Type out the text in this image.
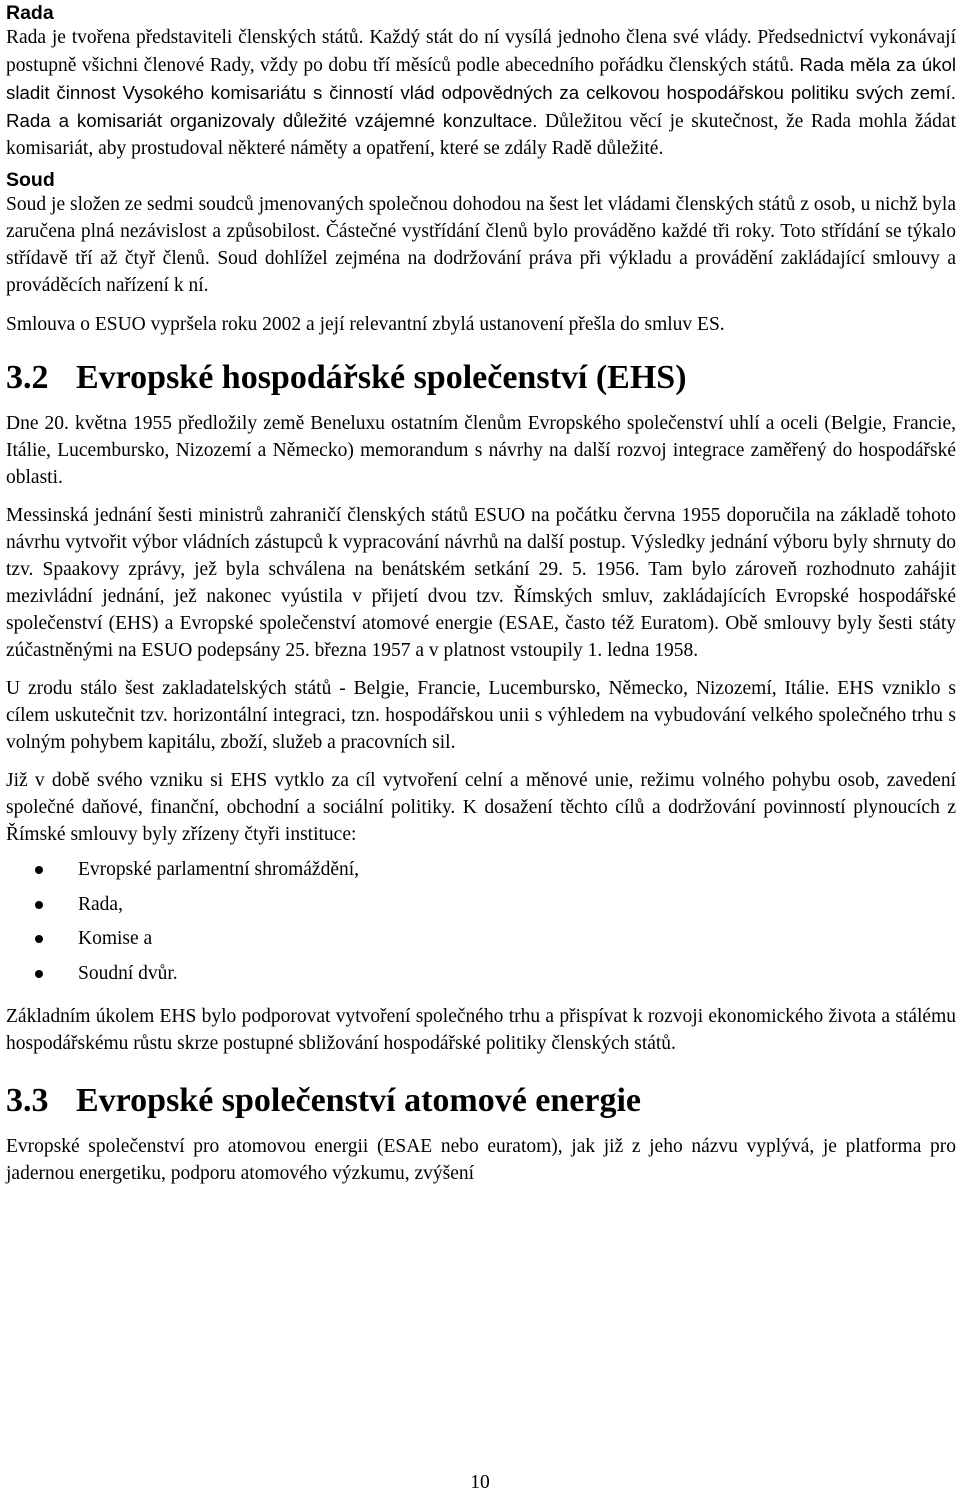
Rada

Rada je tvořena představiteli členských států. Každý stát do ní vysílá jednoho člena své vlády. Předsednictví vykonávají postupně všichni členové Rady, vždy po dobu tří měsíců podle abecedního pořádku členských států. Rada měla za úkol sladit činnost Vysokého komisariátu s činností vlád odpovědných za celkovou hospodářskou politiku svých zemí. Rada a komisariát organizovaly důležité vzájemné konzultace. Důležitou věcí je skutečnost, že Rada mohla žádat komisariát, aby prostudoval některé náměty a opatření, které se zdály Radě důležité.

Soud

Soud je složen ze sedmi soudců jmenovaných společnou dohodou na šest let vládami členských států z osob, u nichž byla zaručena plná nezávislost a způsobilost. Částečné vystřídání členů bylo prováděno každé tři roky. Toto střídání se týkalo střídavě tří až čtyř členů. Soud dohlížel zejména na dodržování práva při výkladu a provádění zakládající smlouvy a prováděcích nařízení k ní.

Smlouva o ESUO vypršela roku 2002 a její relevantní zbylá ustanovení přešla do smluv ES.

3.2 Evropské hospodářské společenství (EHS)

Dne 20. května 1955 předložily země Beneluxu ostatním členům Evropského společenství uhlí a oceli (Belgie, Francie, Itálie, Lucembursko, Nizozemí a Německo) memorandum s návrhy na další rozvoj integrace zaměřený do hospodářské oblasti.

Messinská jednání šesti ministrů zahraničí členských států ESUO na počátku června 1955 doporučila na základě tohoto návrhu vytvořit výbor vládních zástupců k vypracování návrhů na další postup. Výsledky jednání výboru byly shrnuty do tzv. Spaakovy zprávy, jež byla schválena na benátském setkání 29. 5. 1956. Tam bylo zároveň rozhodnuto zahájit mezivládní jednání, jež nakonec vyústila v přijetí dvou tzv. Římských smluv, zakládajících Evropské hospodářské společenství (EHS) a Evropské společenství atomové energie (ESAE, často též Euratom). Obě smlouvy byly šesti státy zúčastněnými na ESUO podepsány 25. března 1957 a v platnost vstoupily 1. ledna 1958.

U zrodu stálo šest zakladatelských států - Belgie, Francie, Lucembursko, Německo, Nizozemí, Itálie. EHS vzniklo s cílem uskutečnit tzv. horizontální integraci, tzn. hospodářskou unii s výhledem na vybudování velkého společného trhu s volným pohybem kapitálu, zboží, služeb a pracovních sil.

Již v době svého vzniku si EHS vytklo za cíl vytvoření celní a měnové unie, režimu volného pohybu osob, zavedení společné daňové, finanční, obchodní a sociální politiky. K dosažení těchto cílů a dodržování povinností plynoucích z Římské smlouvy byly zřízeny čtyři instituce:

Evropské parlamentní shromáždění,
Rada,
Komise a
Soudní dvůr.

Základním úkolem EHS bylo podporovat vytvoření společného trhu a přispívat k rozvoji ekonomického života a stálému hospodářskému růstu skrze postupné sbližování hospodářské politiky členských států.

3.3 Evropské společenství atomové energie

Evropské společenství pro atomovou energii (ESAE nebo euratom), jak již z jeho názvu vyplývá, je platforma pro jadernou energetiku, podporu atomového výzkumu, zvýšení

10
